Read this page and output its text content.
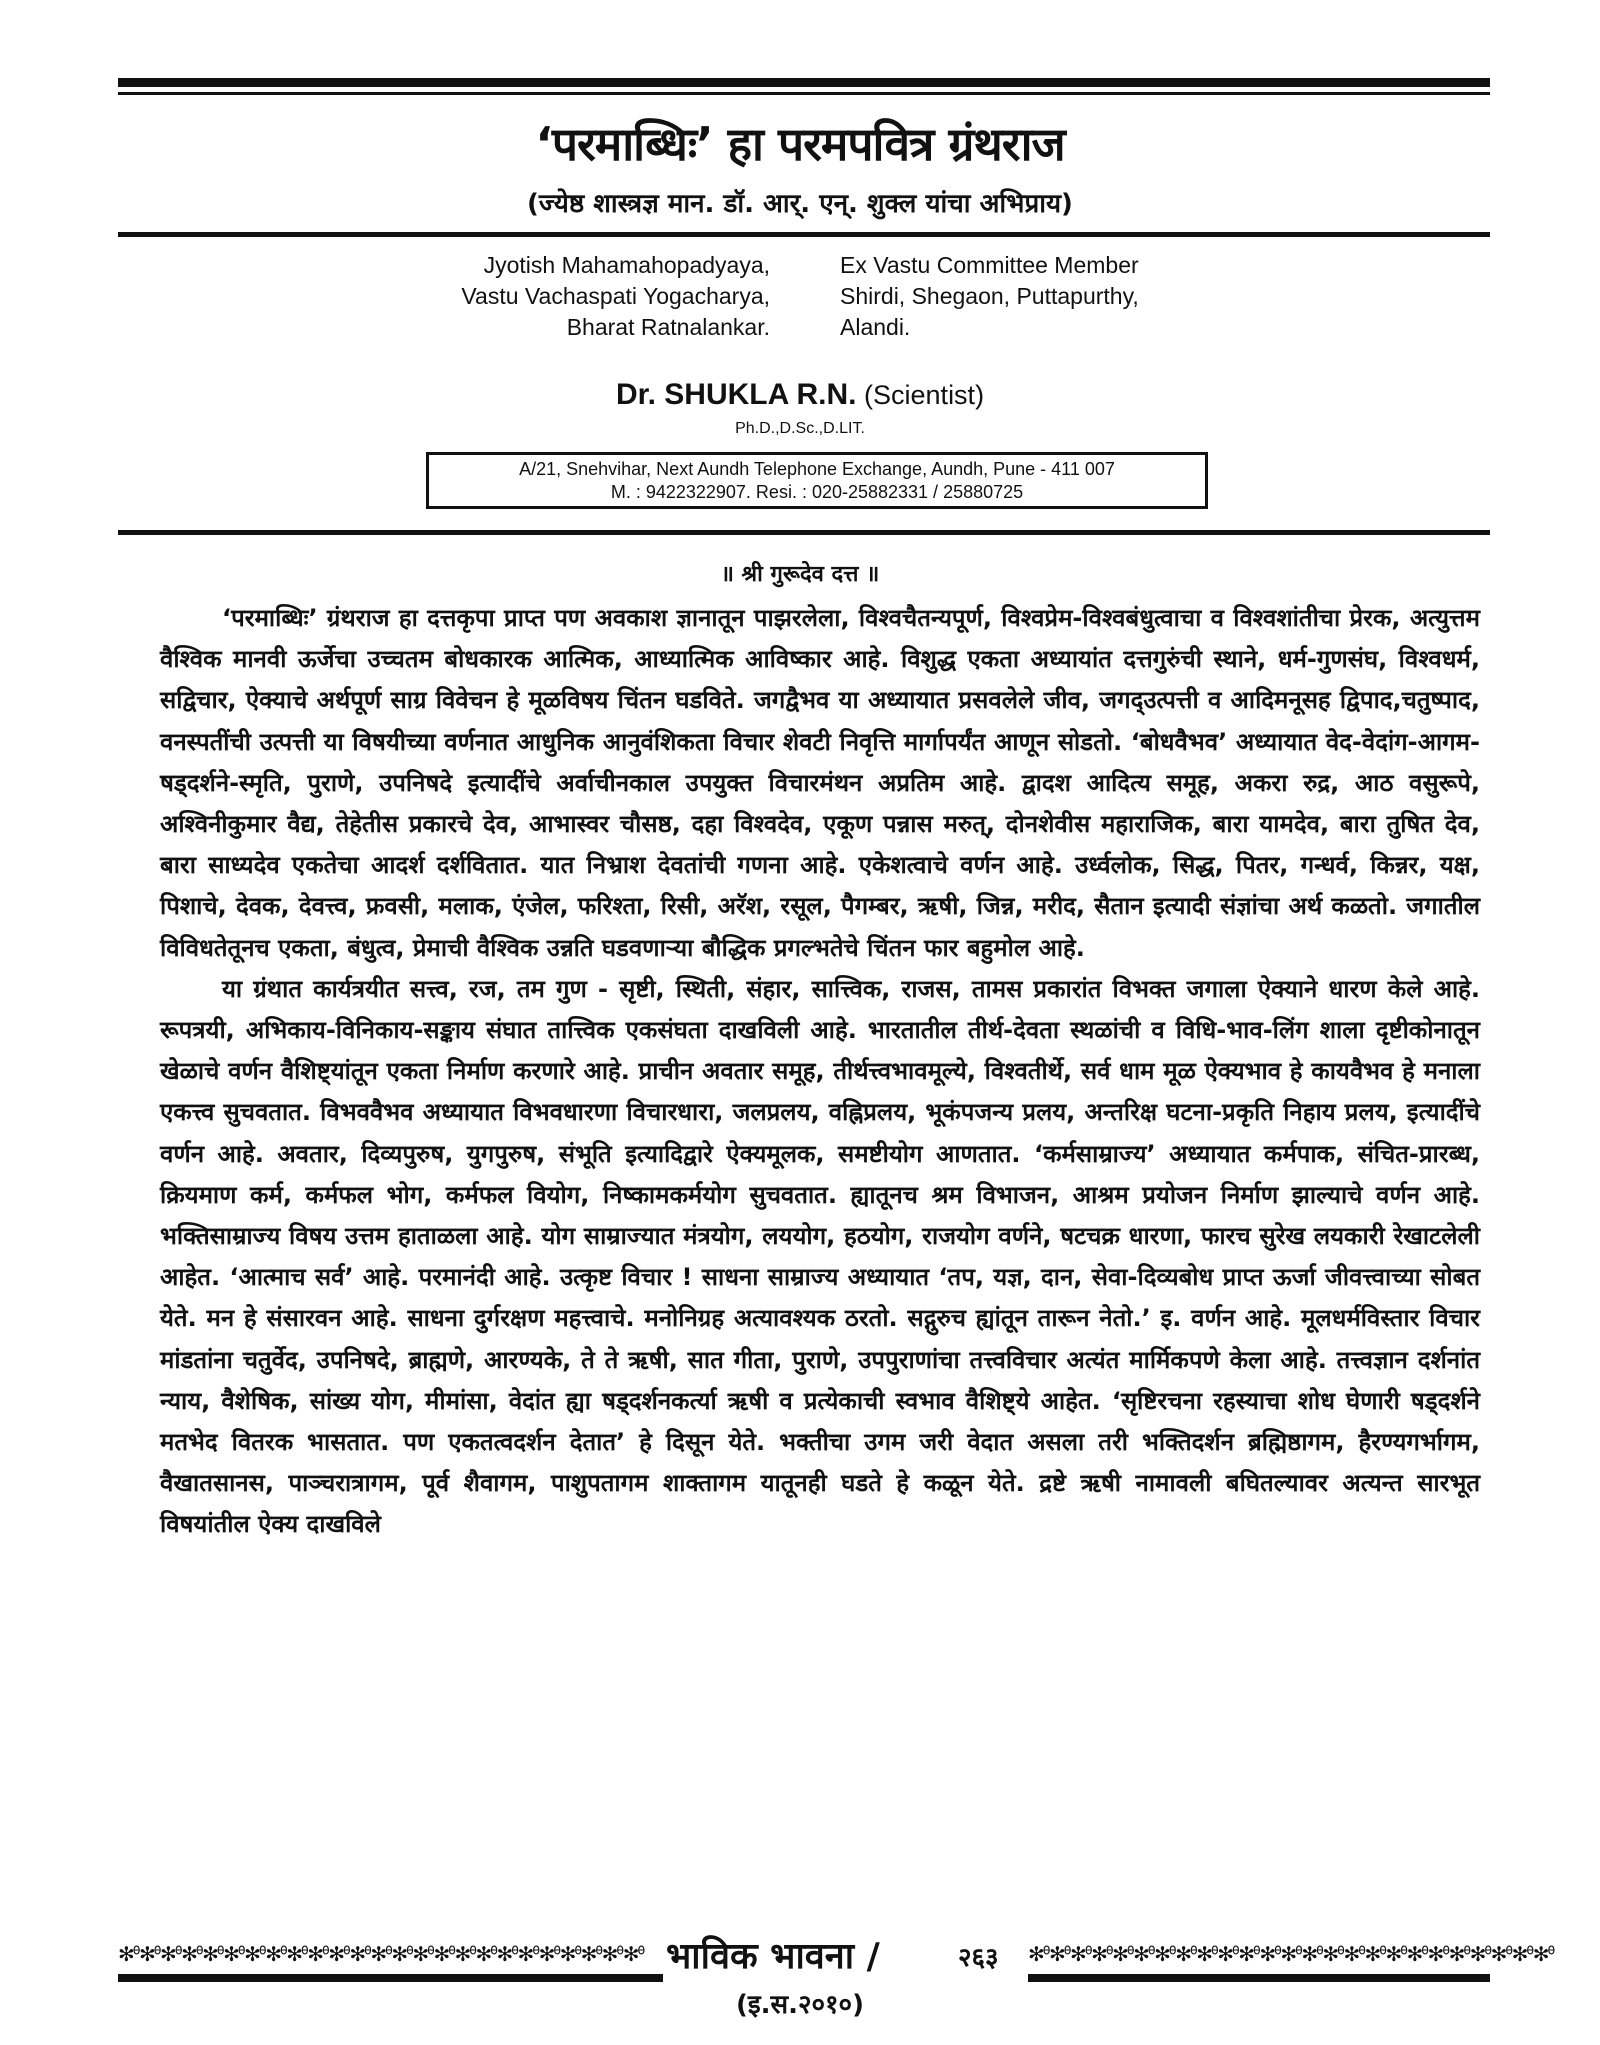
‘परमाब्धिः’ हा परमपवित्र ग्रंथराज
(ज्येष्ठ शास्त्रज्ञ मान. डॉ. आर्. एन्. शुक्ल यांचा अभिप्राय)
Jyotish Mahamahopadyaya,
Vastu Vachaspati Yogacharya,
Bharat Ratnalankar.
Ex Vastu Committee Member
Shirdi, Shegaon, Puttapurthy,
Alandi.
Dr. SHUKLA R.N. (Scientist)
Ph.D.,D.Sc.,D.LIT.
A/21, Snehvihar, Next Aundh Telephone Exchange, Aundh, Pune - 411 007
M. : 9422322907. Resi. : 020-25882331 / 25880725
॥ श्री गुरूदेव दत्त ॥

‘परमाब्धिः’ ग्रंथराज हा दत्तकृपा प्राप्त पण अवकाश ज्ञानातून पाझरलेला, विश्वचैतन्यपूर्ण, विश्वप्रेम-विश्वबंधुत्वाचा व विश्वशांतीचा प्रेरक, अत्युत्तम वैश्विक मानवी ऊर्जेचा उच्चतम बोधकारक आत्मिक, आध्यात्मिक आविष्कार आहे. विशुद्ध एकता अध्यायांत दत्तगुरुंची स्थाने, धर्म-गुणसंघ, विश्वधर्म, सद्विचार, ऐक्याचे अर्थपूर्ण साग्र विवेचन हे मूळविषय चिंतन घडविते. जगद्वैभव या अध्यायात प्रसवलेले जीव, जगद्उत्पत्ती व आदिमनूसह द्विपाद,चतुष्पाद, वनस्पतींची उत्पत्ती या विषयीच्या वर्णनात आधुनिक आनुवंशिकता विचार शेवटी निवृत्ति मार्गापर्यंत आणून सोडतो. ‘बोधवैभव’ अध्यायात वेद-वेदांग-आगम-षड्दर्शने-स्मृति, पुराणे, उपनिषदे इत्यादींचे अर्वाचीनकाल उपयुक्त विचारमंथन अप्रतिम आहे. द्वादश आदित्य समूह, अकरा रुद्र, आठ वसुरूपे, अश्विनीकुमार वैद्य, तेहेतीस प्रकारचे देव, आभास्वर चौसष्ठ, दहा विश्वदेव, एकूण पन्नास मरुत्, दोनशेवीस महाराजिक, बारा यामदेव, बारा तुषित देव, बारा साध्यदेव एकतेचा आदर्श दर्शवितात. यात निभ्राश देवतांची गणना आहे. एकेशत्वाचे वर्णन आहे. उर्ध्वलोक, सिद्ध, पितर, गन्धर्व, किन्नर, यक्ष, पिशाचे, देवक, देवत्त्व, फ्रवसी, मलाक, एंजेल, फरिश्ता, रिसी, अरॅश, रसूल, पैगम्बर, ऋषी, जिन्न, मरीद, सैतान इत्यादी संज्ञांचा अर्थ कळतो. जगातील विविधतेतूनच एकता, बंधुत्व, प्रेमाची वैश्विक उन्नति घडवणाऱ्या बौद्धिक प्रगल्भतेचे चिंतन फार बहुमोल आहे.

या ग्रंथात कार्यत्रयीत सत्त्व, रज, तम गुण - सृष्टी, स्थिती, संहार, सात्त्विक, राजस, तामस प्रकारांत विभक्त जगाला ऐक्याने धारण केले आहे. रूपत्रयी, अभिकाय-विनिकाय-सङ्काय संघात तात्त्विक एकसंघता दाखविली आहे. भारतातील तीर्थ-देवता स्थळांची व विधि-भाव-लिंग शाला दृष्टीकोनातून खेळाचे वर्णन वैशिष्ट्यांतून एकता निर्माण करणारे आहे. प्राचीन अवतार समूह, तीर्थत्त्वभावमूल्ये, विश्वतीर्थे, सर्व धाम मूळ ऐक्यभाव हे कायवैभव हे मनाला एकत्त्व सुचवतात. विभववैभव अध्यायात विभवधारणा विचारधारा, जलप्रलय, वह्निप्रलय, भूकंपजन्य प्रलय, अन्तरिक्ष घटना-प्रकृति निहाय प्रलय, इत्यादींचे वर्णन आहे. अवतार, दिव्यपुरुष, युगपुरुष, संभूति इत्यादिद्वारे ऐक्यमूलक, समष्टीयोग आणतात. ‘कर्मसाम्राज्य’ अध्यायात कर्मपाक, संचित-प्रारब्ध, क्रियमाण कर्म, कर्मफल भोग, कर्मफल वियोग, निष्कामकर्मयोग सुचवतात. ह्यातूनच श्रम विभाजन, आश्रम प्रयोजन निर्माण झाल्याचे वर्णन आहे. भक्तिसाम्राज्य विषय उत्तम हाताळला आहे. योग साम्राज्यात मंत्रयोग, लययोग, हठयोग, राजयोग वर्णने, षटचक्र धारणा, फारच सुरेख लयकारी रेखाटलेली आहेत. ‘आत्माच सर्व’ आहे. परमानंदी आहे. उत्कृष्ट विचार ! साधना साम्राज्य अध्यायात ‘तप, यज्ञ, दान, सेवा-दिव्यबोध प्राप्त ऊर्जा जीवत्त्वाच्या सोबत येते. मन हे संसारवन आहे. साधना दुर्गरक्षण महत्त्वाचे. मनोनिग्रह अत्यावश्यक ठरतो. सद्गुरुच ह्यांतून तारून नेतो.’ इ. वर्णन आहे. मूलधर्मविस्तार विचार मांडतांना चतुर्वेद, उपनिषदे, ब्राह्मणे, आरण्यके, ते ते ऋषी, सात गीता, पुराणे, उपपुराणांचा तत्त्वविचार अत्यंत मार्मिकपणे केला आहे. तत्त्वज्ञान दर्शनांत न्याय, वैशेषिक, सांख्य योग, मीमांसा, वेदांत ह्या षड्दर्शनकर्त्या ऋषी व प्रत्येकाची स्वभाव वैशिष्ट्ये आहेत. ‘सृष्टिरचना रहस्याचा शोध घेणारी षड्दर्शने मतभेद वितरक भासतात. पण एकतत्वदर्शन देतात’ हे दिसून येते. भक्तीचा उगम जरी वेदात असला तरी भक्तिदर्शन ब्रह्मिष्ठागम, हैरण्यगर्भागम, वैखातसानस, पाञ्चरात्रागम, पूर्व शैवागम, पाशुपतागम शाक्तागम यातूनही घडते हे कळून येते. द्रष्टे ऋषी नामावली बघितल्यावर अत्यन्त सारभूत विषयांतील ऐक्य दाखविले

✻ᶿ✻ᶿ✻ᶿ✻ᶿ✻ᶿ✻ᶿ✻ᶿ✻ᶿ✻ᶿ✻ᶿ✻ᶿ✻ᶿ✻ᶿ✻ᶿ✻ᶿ✻ᶿ✻ᶿ✻ᶿ✻ᶿ✻ᶿ✻ᶿ✻ᶿ✻ᶿ✻ᶿ✻ᶿ भाविक भावना /	२६३ ✻ᶿ✻ᶿ✻ᶿ✻ᶿ✻ᶿ✻ᶿ✻ᶿ✻ᶿ✻ᶿ✻ᶿ✻ᶿ✻ᶿ✻ᶿ✻ᶿ✻ᶿ✻ᶿ✻ᶿ✻ᶿ✻ᶿ✻ᶿ✻ᶿ✻ᶿ✻ᶿ✻ᶿ✻ᶿ
(इ.स.२०१०)
